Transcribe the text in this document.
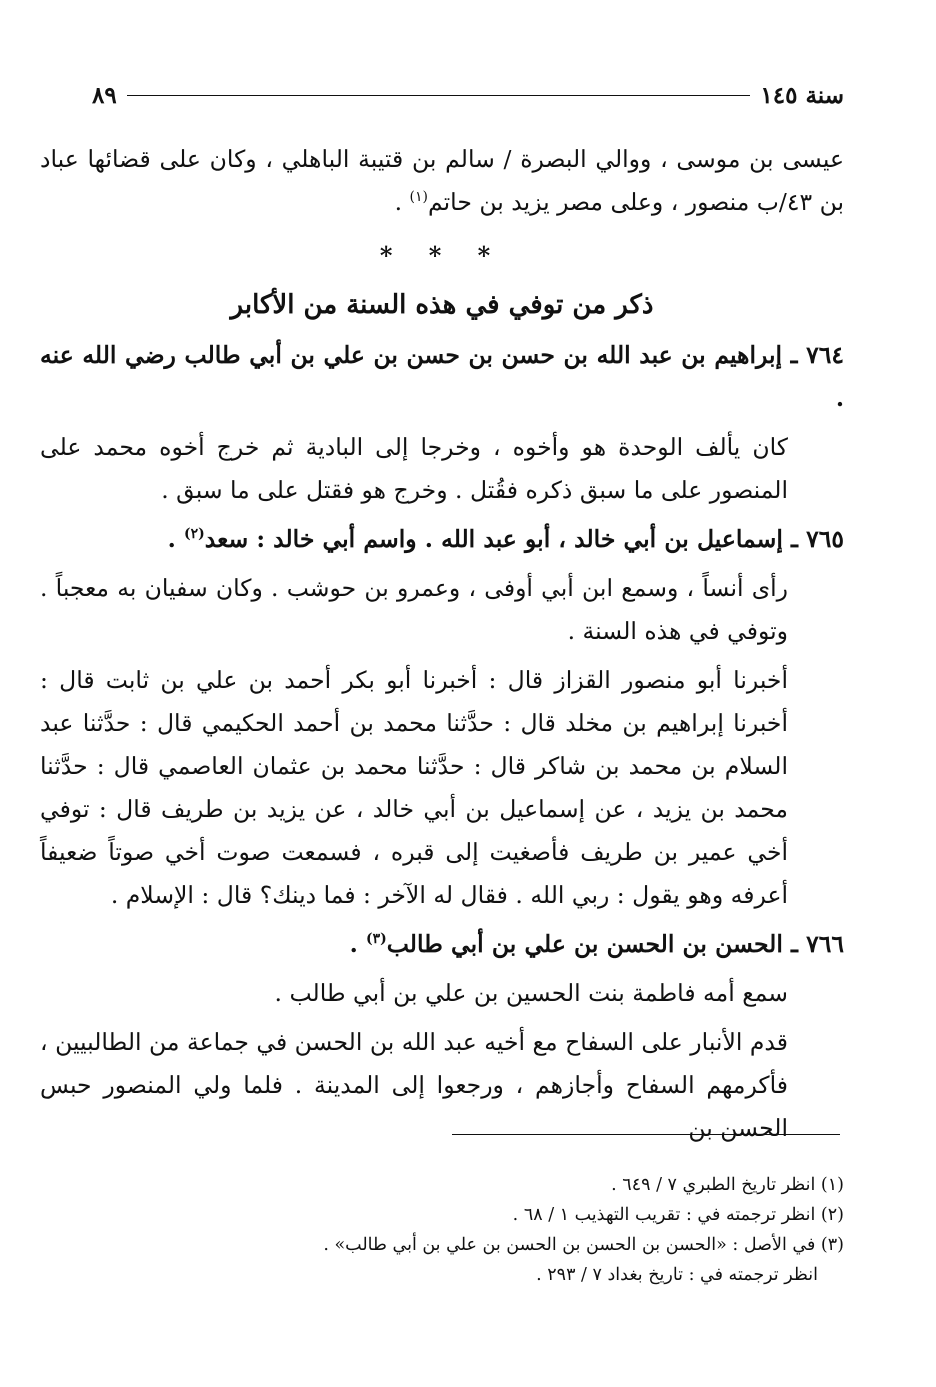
سنة ١٤٥
٨٩

عيسى بن موسى ، ووالي البصرة / سالم بن قتيبة الباهلي ، وكان على قضائها عباد بن ٤٣/ب منصور ، وعلى مصر يزيد بن حاتم$^{(١)}$ .

* * *
ذكر من توفي في هذه السنة من الأكابر

٧٦٤ ـ إبراهيم بن عبد الله بن حسن بن حسن بن علي بن أبي طالب رضي الله عنه .

كان يألف الوحدة هو وأخوه ، وخرجا إلى البادية ثم خرج أخوه محمد على المنصور على ما سبق ذكره فقُتل . وخرج هو فقتل على ما سبق .

٧٦٥ ـ إسماعيل بن أبي خالد ، أبو عبد الله . واسم أبي خالد : سعد$^{(٢)}$ .

رأى أنساً ، وسمع ابن أبي أوفى ، وعمرو بن حوشب . وكان سفيان به معجباً . وتوفي في هذه السنة .

أخبرنا أبو منصور القزاز قال : أخبرنا أبو بكر أحمد بن علي بن ثابت قال : أخبرنا إبراهيم بن مخلد قال : حدَّثنا محمد بن أحمد الحكيمي قال : حدَّثنا عبد السلام بن محمد بن شاكر قال : حدَّثنا محمد بن عثمان العاصمي قال : حدَّثنا محمد بن يزيد ، عن إسماعيل بن أبي خالد ، عن يزيد بن طريف قال : توفي أخي عمير بن طريف فأصغيت إلى قبره ، فسمعت صوت أخي صوتاً ضعيفاً أعرفه وهو يقول : ربي الله . فقال له الآخر : فما دينك؟ قال : الإسلام .

٧٦٦ ـ الحسن بن الحسن بن علي بن أبي طالب$^{(٣)}$ .

سمع أمه فاطمة بنت الحسين بن علي بن أبي طالب .

قدم الأنبار على السفاح مع أخيه عبد الله بن الحسن في جماعة من الطالبيين ، فأكرمهم السفاح وأجازهم ، ورجعوا إلى المدينة . فلما ولي المنصور حبس الحسن بن

(١) انظر تاريخ الطبري ٧ / ٦٤٩ .

(٢) انظر ترجمته في : تقريب التهذيب ١ / ٦٨ .

(٣) في الأصل : «الحسن بن الحسن بن الحسن بن علي بن أبي طالب» .

انظر ترجمته في : تاريخ بغداد ٧ / ٢٩٣ .
